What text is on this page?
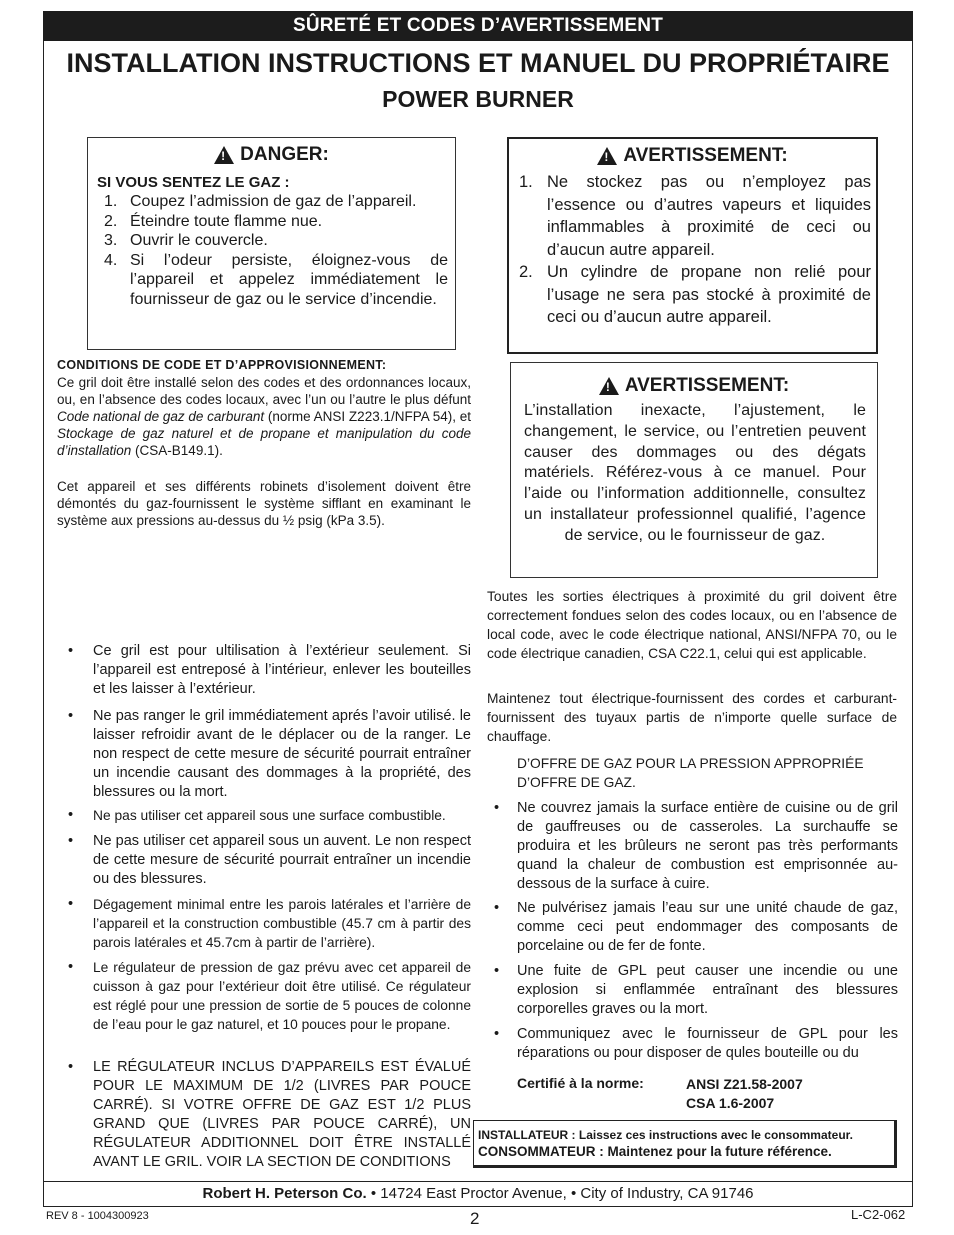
SÛRETÉ ET CODES D’AVERTISSEMENT
INSTALLATION INSTRUCTIONS ET MANUEL DU PROPRIÉTAIRE
POWER BURNER
!
DANGER:
SI VOUS SENTEZ LE GAZ :
1. Coupez l’admission de gaz de l’appareil.
2. Éteindre toute flamme nue.
3. Ouvrir le couvercle.
4. Si l’odeur persiste, éloignez-vous de l’appareil et appelez immédiatement le fournisseur de gaz ou le service d’incendie.
!
AVERTISSEMENT:
1. Ne stockez pas ou n’employez pas l’essence ou d’autres vapeurs et liquides inflammables à proximité de ceci ou d’aucun autre appareil.
2. Un cylindre de propane non relié pour l’usage ne sera pas stocké à proximité de ceci ou d’aucun autre appareil.
!
AVERTISSEMENT:
L’installation inexacte, l’ajustement, le changement, le service, ou l’entretien peuvent causer des dommages ou des dégats matériels. Référez-vous à ce manuel. Pour l’aide ou l’information additionnelle, consultez un installateur professionnel qualifié, l’agence de service, ou le fournisseur de gaz.
CONDITIONS DE CODE ET D’APPROVISIONNEMENT:
Ce gril doit être installé selon des codes et des ordonnances locaux, ou, en l’absence des codes locaux, avec l’un ou l’autre le plus défunt Code national de gaz de carburant (norme ANSI Z223.1/NFPA 54), et Stockage de gaz naturel et de propane et manipulation du code d’installation (CSA-B149.1).
Cet appareil et ses différents robinets d’isolement doivent être démontés du gaz-fournissent le système sifflant en examinant le système aux pressions au-dessus du ½ psig (kPa 3.5).
• Ce gril est pour ultilisation à l’extérieur seulement. Si l’appareil est entreposé à l’intérieur, enlever les bouteilles et les laisser à l’extérieur.
• Ne pas ranger le gril immédiatement aprés l’avoir utilisé. le laisser refroidir avant de le déplacer ou de la ranger. Le non respect de cette mesure de sécurité pourrait entraîner un incendie causant des dommages à la propriété, des blessures ou la mort.
• Ne pas utiliser cet appareil sous une surface combustible.
• Ne pas utiliser cet appareil sous un auvent. Le non respect de cette mesure de sécurité pourrait entraîner un incendie ou des blessures.
• Dégagement minimal entre les parois latérales et l’arrière de l’appareil et la construction combustible (45.7 cm à partir des parois latérales et 45.7cm à partir de l’arrière).
• Le régulateur de pression de gaz prévu avec cet appareil de cuisson à gaz pour l’extérieur doit être utilisé. Ce régulateur est réglé pour une pression de sortie de 5 pouces de colonne de l’eau pour le gaz naturel, et 10 pouces pour le propane.
• LE RÉGULATEUR INCLUS D’APPAREILS EST ÉVALUÉ POUR LE MAXIMUM DE 1/2 (LIVRES PAR POUCE CARRÉ). SI VOTRE OFFRE DE GAZ EST 1/2 PLUS GRAND QUE (LIVRES PAR POUCE CARRÉ), UN RÉGULATEUR ADDITIONNEL DOIT ÊTRE INSTALLÉ AVANT LE GRIL. VOIR LA SECTION DE CONDITIONS
Toutes les sorties électriques à proximité du gril doivent être correctement fondues selon des codes locaux, ou en l’absence de local code, avec le code électrique national, ANSI/NFPA 70, ou le code électrique canadien, CSA C22.1, celui qui est applicable.
Maintenez tout électrique-fournissent des cordes et carburant-fournissent des tuyaux partis de n’importe quelle surface de chauffage.
D’OFFRE DE GAZ POUR LA PRESSION APPROPRIÉE D’OFFRE DE GAZ.
• Ne couvrez jamais la surface entière de cuisine ou de gril de gauffreuses ou de casseroles. La surchauffe se produira et les brûleurs ne seront pas très performants quand la chaleur de combustion est emprisonnée au-dessous de la surface à cuire.
• Ne pulvérisez jamais l’eau sur une unité chaude de gaz, comme ceci peut endommager des composants de porcelaine ou de fer de fonte.
• Une fuite de GPL peut causer une incendie ou une explosion si enflammée entraînant des blessures corporelles graves ou la mort.
• Communiquez avec le fournisseur de GPL pour les réparations ou pour disposer de qules bouteille ou du
Certifié à la norme:	ANSI Z21.58-2007
CSA 1.6-2007
INSTALLATEUR : Laissez ces instructions avec le consommateur.
CONSOMMATEUR : Maintenez pour la future référence.
Robert H. Peterson Co. • 14724 East Proctor Avenue, • City of Industry, CA 91746
REV 8 - 1004300923	2	L-C2-062
